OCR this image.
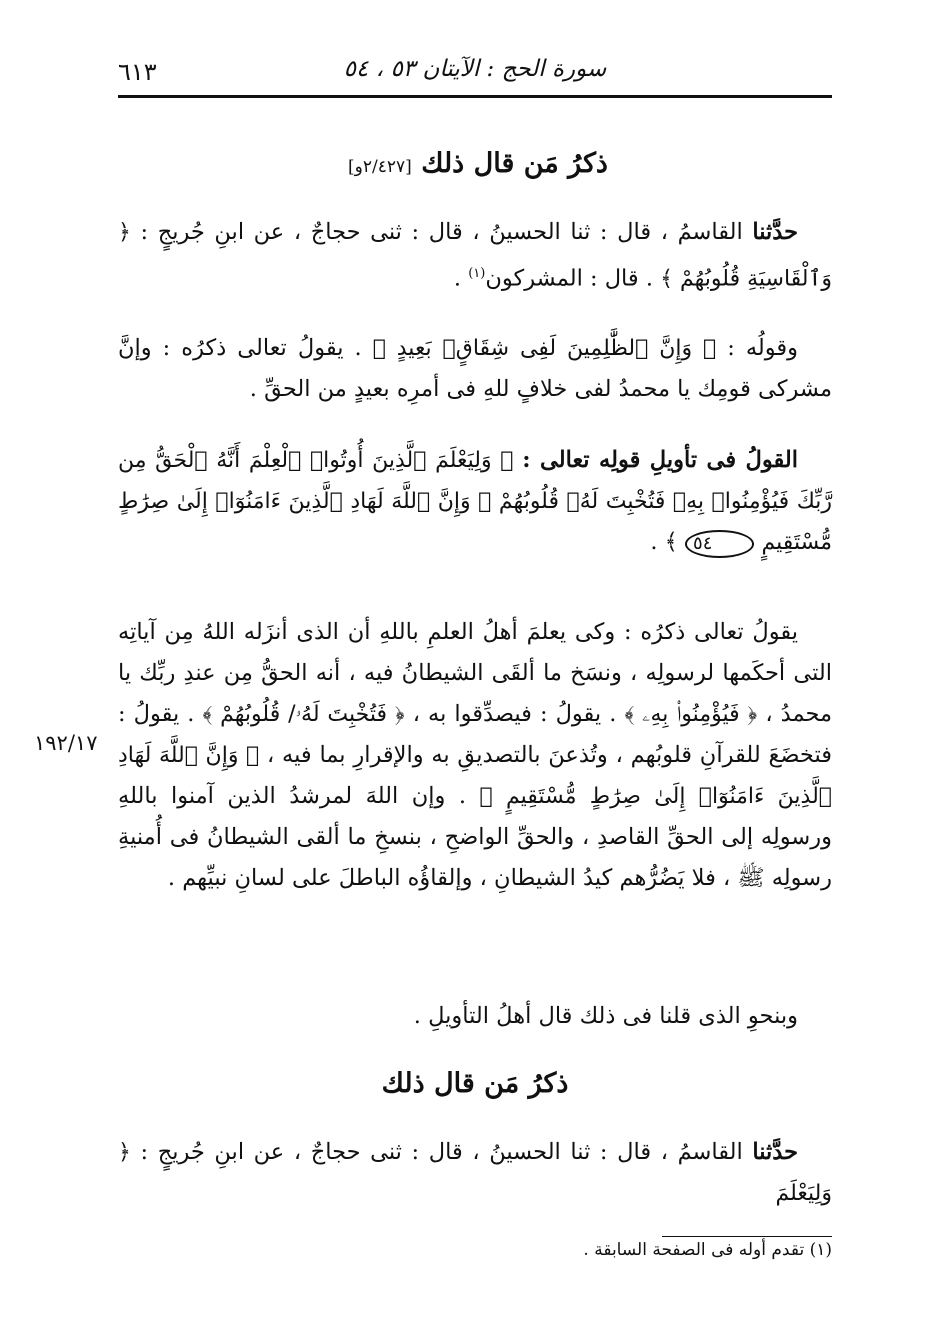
٦١٣	سورة الحج : الآيتان ٥٣ ، ٥٤
ذكرُ مَن قال ذلك [٢/٤٢٧و]
حدَّثنا القاسمُ ، قال : ثنا الحسينُ ، قال : ثنى حجاجٌ ، عن ابنِ جُريجٍ : ﴿ وَٱلْقَاسِيَةِ قُلُوبُهُمْ ﴾ . قال : المشركون$^{(١)}$ .
وقولُه : ﴿ وَإِنَّ ٱلظَّٰلِمِينَ لَفِى شِقَاقٍۭ بَعِيدٍ ﴾ . يقولُ تعالى ذكرُه : وإنَّ مشركى قومِك يا محمدُ لفى خلافٍ للهِ فى أمرِه بعيدٍ من الحقِّ .
القولُ فى تأويلِ قولِه تعالى : ﴿ وَلِيَعْلَمَ ٱلَّذِينَ أُوتُوا۟ ٱلْعِلْمَ أَنَّهُ ٱلْحَقُّ مِن رَّبِّكَ فَيُؤْمِنُوا۟ بِهِۦ فَتُخْبِتَ لَهُۥ قُلُوبُهُمْ ۗ وَإِنَّ ٱللَّهَ لَهَادِ ٱلَّذِينَ ءَامَنُوٓا۟ إِلَىٰ صِرَٰطٍ مُّسْتَقِيمٍ ٥٤ ﴾ .
يقولُ تعالى ذكرُه : وكى يعلمَ أهلُ العلمِ باللهِ أن الذى أنزَله اللهُ مِن آياتِه التى أحكَمها لرسولِه ، ونسَخ ما ألقَى الشيطانُ فيه ، أنه الحقُّ مِن عندِ ربِّك يا محمدُ ، ﴿ فَيُؤْمِنُوا۟ بِهِۦ ﴾ . يقولُ : فيصدِّقوا به ، ﴿ فَتُخْبِتَ لَهُۥ/ قُلُوبُهُمْ ﴾ . يقولُ : فتخضَعَ للقرآنِ قلوبُهم ، وتُذعنَ بالتصديقِ به والإقرارِ بما فيه ، ﴿ وَإِنَّ ٱللَّهَ لَهَادِ ٱلَّذِينَ ءَامَنُوٓا۟ إِلَىٰ صِرَٰطٍ مُّسْتَقِيمٍ ﴾ . وإن اللهَ لمرشدُ الذين آمنوا باللهِ ورسولِه إلى الحقِّ القاصدِ ، والحقِّ الواضحِ ، بنسخِ ما ألقى الشيطانُ فى أُمنيةِ رسولِه ﷺ ، فلا يَضُرُّهم كيدُ الشيطانِ ، وإلقاؤُه الباطلَ على لسانِ نبيِّهم .
١٩٢/١٧
وبنحوِ الذى قلنا فى ذلك قال أهلُ التأويلِ .
ذكرُ مَن قال ذلك
حدَّثنا القاسمُ ، قال : ثنا الحسينُ ، قال : ثنى حجاجٌ ، عن ابنِ جُريجٍ : ﴿ وَلِيَعْلَمَ
(١) تقدم أوله فى الصفحة السابقة .
